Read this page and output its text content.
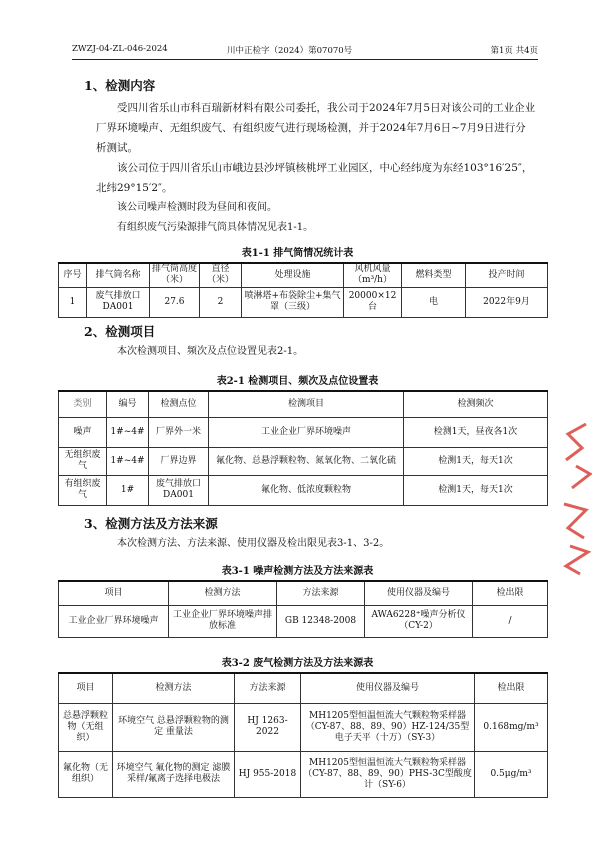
ZWZJ-04-ZL-046-2024	川中正检字（2024）第07070号	第1页 共4页
1、检测内容
受四川省乐山市科百瑞新材料有限公司委托，我公司于2024年7月5日对该公司的工业企业厂界环境噪声、无组织废气、有组织废气进行现场检测，并于2024年7月6日~7月9日进行分析测试。
该公司位于四川省乐山市峨边县沙坪镇核桃坪工业园区，中心经纬度为东经103°16′25″，北纬29°15′2″。
该公司噪声检测时段为昼间和夜间。
有组织废气污染源排气筒具体情况见表1-1。
表1-1 排气筒情况统计表
序号	排气筒名称	排气筒高度（米）	直径（米）	处理设施	风机风量（m³/h）	燃料类型	投产时间
1	废气排放口DA001	27.6	2	喷淋塔+布袋除尘+集气罩（三级）	20000×12台	电	2022年9月
2、检测项目
本次检测项目、频次及点位设置见表2-1。
表2-1 检测项目、频次及点位设置表
类别	编号	检测点位	检测项目	检测频次
噪声	1#~4#	厂界外一米	工业企业厂界环境噪声	检测1天，昼夜各1次
无组织废气	1#~4#	厂界边界	氟化物、总悬浮颗粒物、氮氧化物、二氧化硫	检测1天，每天1次
有组织废气	1#	废气排放口DA001	氟化物、低浓度颗粒物	检测1天，每天1次
3、检测方法及方法来源
本次检测方法、方法来源、使用仪器及检出限见表3-1、3-2。
表3-1 噪声检测方法及方法来源表
项目	检测方法	方法来源	使用仪器及编号	检出限
工业企业厂界环境噪声	工业企业厂界环境噪声排放标准	GB 12348-2008	AWA6228⁺噪声分析仪（CY-2）	/
表3-2 废气检测方法及方法来源表
项目	检测方法	方法来源	使用仪器及编号	检出限
总悬浮颗粒物（无组织）	环境空气 总悬浮颗粒物的测定 重量法	HJ 1263-2022	MH1205型恒温恒流大气颗粒物采样器（CY-87、88、89、90）HZ-124/35型电子天平（十万）（SY-3）	0.168mg/m³
氟化物（无组织）	环境空气 氟化物的测定 滤膜采样/氟离子选择电极法	HJ 955-2018	MH1205型恒温恒流大气颗粒物采样器（CY-87、88、89、90）PHS-3C型酸度计（SY-6）	0.5μg/m³
